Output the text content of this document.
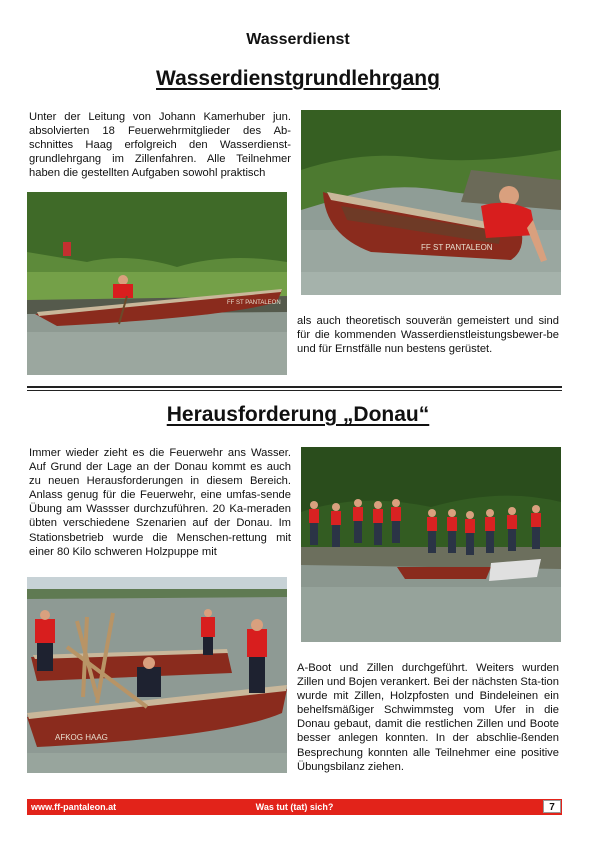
Wasserdienst
Wasserdienstgrundlehrgang

Unter der Leitung von Johann Kamerhuber jun. absolvierten 18 Feuerwehrmitglieder des Ab-schnittes Haag erfolgreich den Wasserdienst-grundlehrgang im Zillenfahren. Alle Teilnehmer haben die gestellten Aufgaben sowohl praktisch

FF ST PANTALEON
FF ST PANTALEON

als auch theoretisch souverän gemeistert und sind für die kommenden Wasserdienstleistungsbewer-be und für Ernstfälle nun bestens gerüstet.

Herausforderung „Donau“

Immer wieder zieht es die Feuerwehr ans Wasser. Auf Grund der Lage an der Donau kommt es auch zu neuen Herausforderungen in diesem Bereich. Anlass genug für die Feuerwehr, eine umfas-sende Übung am Wassser durchzuführen. 20 Ka-meraden übten verschiedene Szenarien auf der Donau. Im Stationsbetrieb wurde die Menschen-rettung mit einer 80 Kilo schweren Holzpuppe mit

AFKOG HAAG

A-Boot und Zillen durchgeführt. Weiters wurden Zillen und Bojen verankert. Bei der nächsten Sta-tion wurde mit Zillen, Holzpfosten und Bindeleinen ein behelfsmäßiger Schwimmsteg vom Ufer in die Donau gebaut, damit die restlichen Zillen und Boote besser anlegen konnten. In der abschlie-ßenden Besprechung konnten alle Teilnehmer eine positive Übungsbilanz ziehen.

www.ff-pantaleon.at	Was tut (tat) sich?	7
